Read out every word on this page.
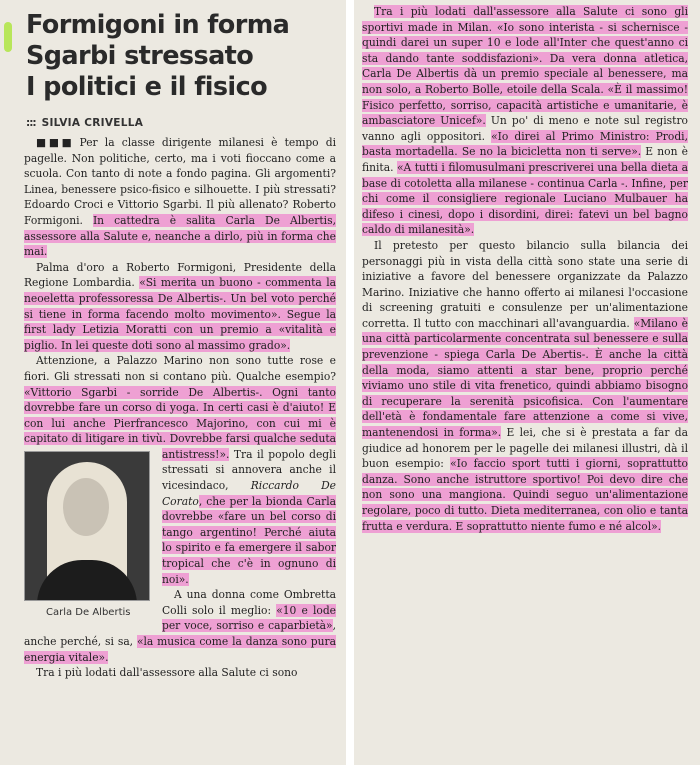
Formigoni in forma
Sgarbi stressato
I politici e il fisico
::: SILVIA CRIVELLA

■■■ Per la classe dirigente milanesi è tempo di pagelle. Non politiche, certo, ma i voti fioccano come a scuola. Con tanto di note a fondo pagina. Gli argomenti? Linea, benessere psico-fisico e silhouette. I più stressati? Edoardo Croci e Vittorio Sgarbi. Il più allenato? Roberto Formigoni. In cattedra è salita Carla De Albertis, assessore alla Salute e, neanche a dirlo, più in forma che mai.

Palma d'oro a Roberto Formigoni, Presidente della Regione Lombardia. «Si merita un buono - commenta la neoeletta professoressa De Albertis-. Un bel voto perché si tiene in forma facendo molto movimento». Segue la first lady Letizia Moratti con un premio a «vitalità e piglio. In lei queste doti sono al massimo grado».

Attenzione, a Palazzo Marino non sono tutte rose e fiori. Gli stressati non si contano più. Qualche esempio? «Vittorio Sgarbi - sorride De Albertis-. Ogni tanto dovrebbe fare un corso di yoga. In certi casi è d'aiuto! E con lui anche Pierfrancesco Majorino, con cui mi è capitato di litigare in tivù. Dovrebbe farsi qualche seduta antistress!».
Carla De Albertis
Tra il popolo degli stressati si annovera anche il vicesindaco, Riccardo De Corato, che per la bionda Carla dovrebbe «fare un bel corso di tango argentino! Perché aiuta lo spirito e fa emergere il sabor tropical che c'è in ognuno di noi».

A una donna come Ombretta Colli solo il meglio: «10 e lode per voce, sorriso e caparbietà», anche perché, si sa, «la musica come la danza sono pura energia vitale».

Tra i più lodati dall'assessore alla Salute ci sono

Tra i più lodati dall'assessore alla Salute ci sono gli sportivi made in Milan. «Io sono interista - si schernisce - quindi darei un super 10 e lode all'Inter che quest'anno ci sta dando tante soddisfazioni». Da vera donna atletica, Carla De Albertis dà un premio speciale al benessere, ma non solo, a Roberto Bolle, etoile della Scala. «È il massimo! Fisico perfetto, sorriso, capacità artistiche e umanitarie, è ambasciatore Unicef». Un po' di meno e note sul registro vanno agli oppositori. «Io direi al Primo Ministro: Prodi, basta mortadella. Se no la bicicletta non ti serve». E non è finita. «A tutti i filomusulmani prescriverei una bella dieta a base di cotoletta alla milanese - continua Carla -. Infine, per chi come il consigliere regionale Luciano Mulbauer ha difeso i cinesi, dopo i disordini, direi: fatevi un bel bagno caldo di milanesità».

Il pretesto per questo bilancio sulla bilancia dei personaggi più in vista della città sono state una serie di iniziative a favore del benessere organizzate da Palazzo Marino. Iniziative che hanno offerto ai milanesi l'occasione di screening gratuiti e consulenze per un'alimentazione corretta. Il tutto con macchinari all'avanguardia. «Milano è una città particolarmente concentrata sul benessere e sulla prevenzione - spiega Carla De Abertis-. È anche la città della moda, siamo attenti a star bene, proprio perché viviamo uno stile di vita frenetico, quindi abbiamo bisogno di recuperare la serenità psicofisica. Con l'aumentare dell'età è fondamentale fare attenzione a come si vive, mantenendosi in forma». E lei, che si è prestata a far da giudice ad honorem per le pagelle dei milanesi illustri, dà il buon esempio: «Io faccio sport tutti i giorni, soprattutto danza. Sono anche istruttore sportivo! Poi devo dire che non sono una mangiona. Quindi seguo un'alimentazione regolare, poco di tutto. Dieta mediterranea, con olio e tanta frutta e verdura. E soprattutto niente fumo e né alcol».
